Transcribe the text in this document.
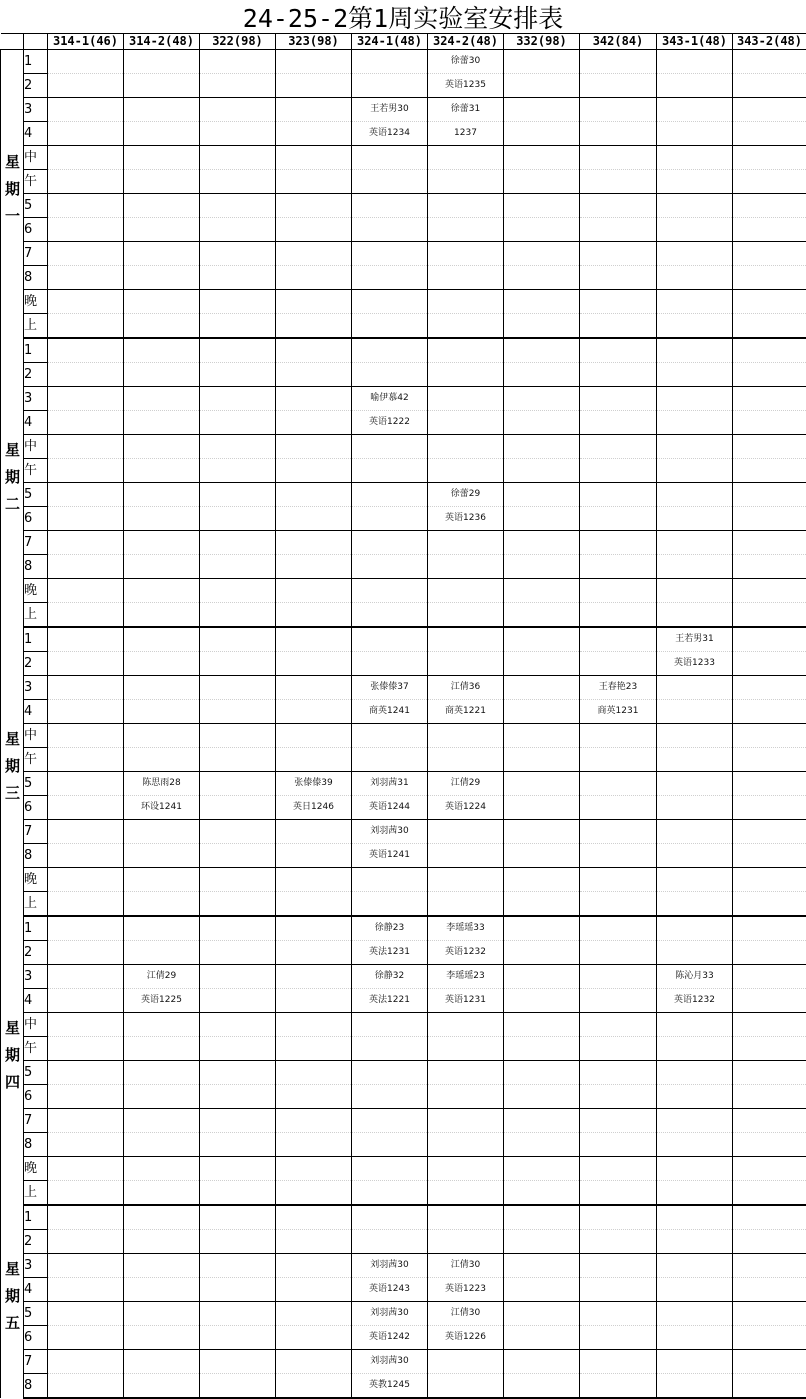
24-25-2第1周实验室安排表
		314-1(46)	314-2(48)	322(98)	323(98)	324-1(48)	324-2(48)	332(98)	342(84)	343-1(48)	343-2(48)
星期一	1						徐蕾30				
	2						英语1235				
	3					王若男30	徐蕾31				
	4					英语1234	1237				
	中										
	午										
	5										
	6										
	7										
	8										
	晚										
	上										
星期二	1										
	2										
	3					喻伊慕42					
	4					英语1222					
	中										
	午										
	5						徐蕾29				
	6						英语1236				
	7										
	8										
	晚										
	上										
星期三	1									王若男31	
	2									英语1233	
	3					张傣傣37	江倩36		王春艳23		
	4					商英1241	商英1221		商英1231		
	中										
	午										
	5		陈思雨28		张傣傣39	刘羽茜31	江倩29				
	6		环设1241		英日1246	英语1244	英语1224				
	7					刘羽茜30					
	8					英语1241					
	晚										
	上										
星期四	1					徐静23	李瑶瑶33				
	2					英法1231	英语1232				
	3		江倩29			徐静32	李瑶瑶23			陈沁月33	
	4		英语1225			英法1221	英语1231			英语1232	
	中										
	午										
	5										
	6										
	7										
	8										
	晚										
	上										
星期五	1										
	2										
	3					刘羽茜30	江倩30				
	4					英语1243	英语1223				
	5					刘羽茜30	江倩30				
	6					英语1242	英语1226				
	7					刘羽茜30					
	8					英教1245					
